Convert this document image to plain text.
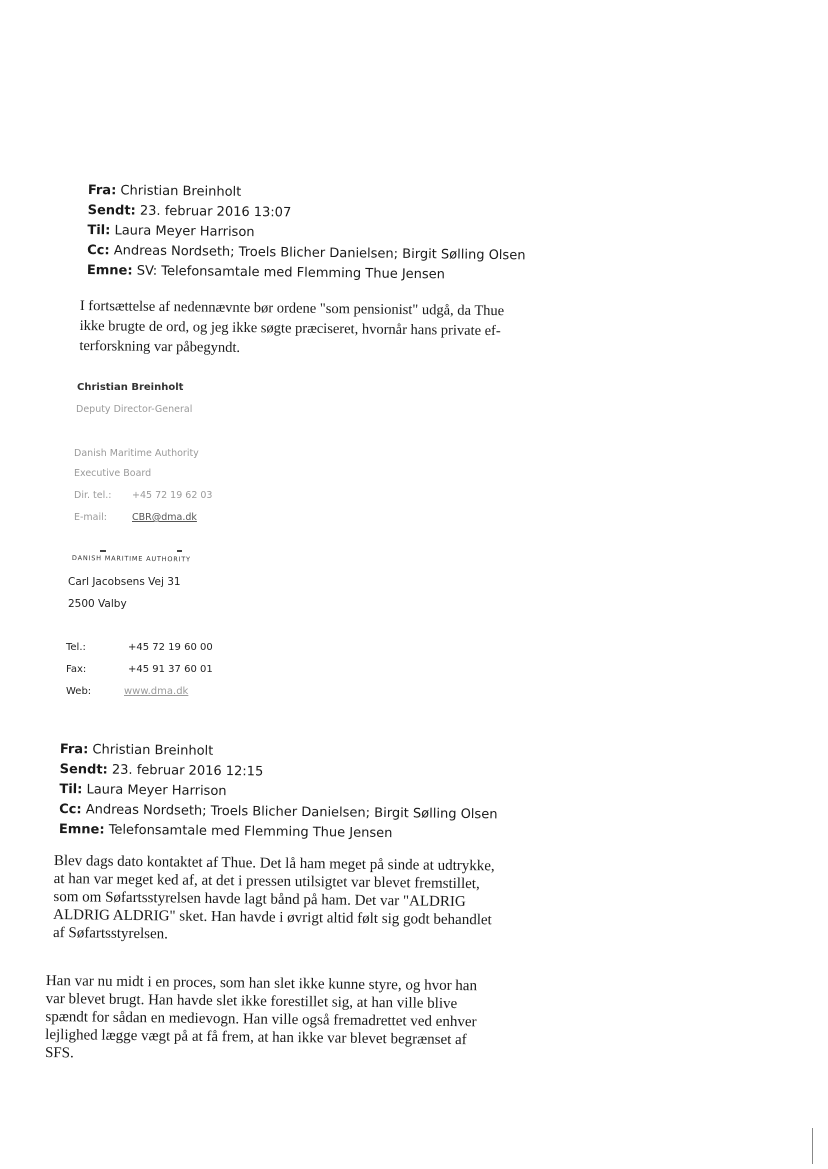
Fra: Christian Breinholt
Sendt: 23. februar 2016 13:07
Til: Laura Meyer Harrison
Cc: Andreas Nordseth; Troels Blicher Danielsen; Birgit Sølling Olsen
Emne: SV: Telefonsamtale med Flemming Thue Jensen
I fortsættelse af nedennævnte bør ordene "som pensionist" udgå, da Thue
ikke brugte de ord, og jeg ikke søgte præciseret, hvornår hans private ef-
terforskning var påbegyndt.
Christian Breinholt
Deputy Director-General
Danish Maritime Authority
Executive Board
Dir. tel.: +45 72 19 62 03
E-mail:	CBR@dma.dk
DANISH MARITIME AUTHORITY
Carl Jacobsens Vej 31
2500 Valby
Tel.:	+45 72 19 60 00
Fax:	+45 91 37 60 01
Web:	www.dma.dk
Fra: Christian Breinholt
Sendt: 23. februar 2016 12:15
Til: Laura Meyer Harrison
Cc: Andreas Nordseth; Troels Blicher Danielsen; Birgit Sølling Olsen
Emne: Telefonsamtale med Flemming Thue Jensen
Blev dags dato kontaktet af Thue. Det lå ham meget på sinde at udtrykke,
at han var meget ked af, at det i pressen utilsigtet var blevet fremstillet,
som om Søfartsstyrelsen havde lagt bånd på ham. Det var "ALDRIG
ALDRIG ALDRIG" sket. Han havde i øvrigt altid følt sig godt behandlet
af Søfartsstyrelsen.
Han var nu midt i en proces, som han slet ikke kunne styre, og hvor han
var blevet brugt. Han havde slet ikke forestillet sig, at han ville blive
spændt for sådan en medievogn. Han ville også fremadrettet ved enhver
lejlighed lægge vægt på at få frem, at han ikke var blevet begrænset af
SFS.
